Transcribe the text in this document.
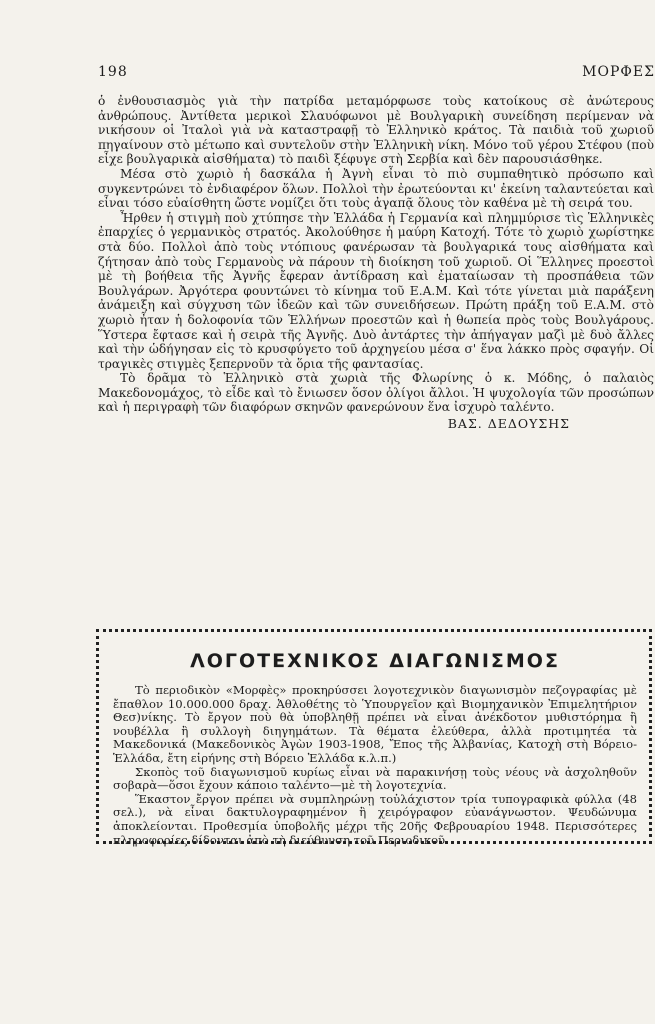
198	ΜΟΡΦΕΣ

ὁ ἐνθουσιασμὸς γιὰ τὴν πατρίδα μεταμόρφωσε τοὺς κατοίκους σὲ ἀνώτερους ἀνθρώπους. Ἀντίθετα μερικοὶ Σλαυόφωνοι μὲ Βουλγαρικὴ συνείδηση περίμεναν νὰ νικήσουν οἱ Ἰταλοὶ γιὰ νὰ καταστραφῇ τὸ Ἑλληνικὸ κράτος. Τὰ παιδιὰ τοῦ χωριοῦ πηγαίνουν στὸ μέτωπο καὶ συντελοῦν στὴν Ἑλληνικὴ νίκη. Μόνο τοῦ γέρου Στέφου (ποὺ εἶχε βουλγαρικὰ αἰσθήματα) τὸ παιδὶ ξέφυγε στὴ Σερβία καὶ δὲν παρουσιάσθηκε.

Μέσα στὸ χωριὸ ἡ δασκάλα ἡ Ἀγνὴ εἶναι τὸ πιὸ συμπαθητικὸ πρόσωπο καὶ συγκεντρώνει τὸ ἐνδιαφέρον ὅλων. Πολλοὶ τὴν ἐρωτεύονται κι' ἐκείνη ταλαντεύεται καὶ εἶναι τόσο εὐαίσθητη ὥστε νομίζει ὅτι τοὺς ἀγαπᾷ ὅλους τὸν καθένα μὲ τὴ σειρά του.

Ἦρθεν ἡ στιγμὴ ποὺ χτύπησε τὴν Ἑλλάδα ἡ Γερμανία καὶ πλημμύρισε τὶς Ἑλληνικὲς ἐπαρχίες ὁ γερμανικὸς στρατός. Ἀκολούθησε ἡ μαύρη Κατοχή. Τότε τὸ χωριὸ χωρίστηκε στὰ δύο. Πολλοὶ ἀπὸ τοὺς ντόπιους φανέρωσαν τὰ βουλγαρικά τους αἰσθήματα καὶ ζήτησαν ἀπὸ τοὺς Γερμανοὺς νὰ πάρουν τὴ διοίκηση τοῦ χωριοῦ. Οἱ Ἕλληνες προεστοὶ μὲ τὴ βοήθεια τῆς Ἀγνῆς ἔφεραν ἀντίδραση καὶ ἐματαίωσαν τὴ προσπάθεια τῶν Βουλγάρων. Ἀργότερα φουντώνει τὸ κίνημα τοῦ Ε.Α.Μ. Καὶ τότε γίνεται μιὰ παράξενη ἀνάμειξη καὶ σύγχυση τῶν ἰδεῶν καὶ τῶν συνειδήσεων. Πρώτη πράξη τοῦ Ε.Α.Μ. στὸ χωριὸ ἦταν ἡ δολοφονία τῶν Ἑλλήνων προεστῶν καὶ ἡ θωπεία πρὸς τοὺς Βουλγάρους. Ὕστερα ἔφτασε καὶ ἡ σειρὰ τῆς Ἀγνῆς. Δυὸ ἀντάρτες τὴν ἀπήγαγαν μαζὶ μὲ δυὸ ἄλλες καὶ τὴν ὡδήγησαν εἰς τὸ κρυσφύγετο τοῦ ἀρχηγείου μέσα σ' ἕνα λάκκο πρὸς σφαγήν. Οἱ τραγικὲς στιγμὲς ξεπερνοῦν τὰ ὅρια τῆς φαντασίας.

Τὸ δρᾶμα τὸ Ἑλληνικὸ στὰ χωριὰ τῆς Φλωρίνης ὁ κ. Μόδης, ὁ παλαιὸς Μακεδονομάχος, τὸ εἶδε καὶ τὸ ἔνιωσεν ὅσον ὀλίγοι ἄλλοι. Ἡ ψυχολογία τῶν προσώπων καὶ ἡ περιγραφὴ τῶν διαφόρων σκηνῶν φανερώνουν ἕνα ἰσχυρὸ ταλέντο.

ΒΑΣ. ΔΕΔΟΥΣΗΣ
ΛΟΓΟΤΕΧΝΙΚΟΣ ΔΙΑΓΩΝΙΣΜΟΣ

Τὸ περιοδικὸν «Μορφὲς» προκηρύσσει λογοτεχνικὸν διαγωνισμὸν πεζογραφίας μὲ ἔπαθλον 10.000.000 δραχ. Ἀθλοθέτης τὸ Ὑπουργεῖον καὶ Βιομηχανικὸν Ἐπιμελητήριον Θεσ)νίκης. Τὸ ἔργον ποὺ θὰ ὑποβληθῇ πρέπει νὰ εἶναι ἀνέκδοτον μυθιστόρημα ἢ νουβέλλα ἢ συλλογὴ διηγημάτων. Τὰ θέματα ἐλεύθερα, ἀλλὰ προτιμητέα τὰ Μακεδονικά (Μακεδονικὸς Ἀγὼν 1903-1908, Ἔπος τῆς Ἀλβανίας, Κατοχὴ στὴ Βόρειο-Ἑλλάδα, ἔτη εἰρήνης στὴ Βόρειο Ἑλλάδα κ.λ.π.)

Σκοπὸς τοῦ διαγωνισμοῦ κυρίως εἶναι νὰ παρακινήσῃ τοὺς νέους νὰ ἀσχοληθοῦν σοβαρὰ—ὅσοι ἔχουν κάποιο ταλέντο—μὲ τὴ λογοτεχνία.

Ἕκαστον ἔργον πρέπει νὰ συμπληρώνῃ τοὐλάχιστον τρία τυπογραφικὰ φύλλα (48 σελ.), νὰ εἶναι δακτυλογραφημένον ἢ χειρόγραφον εὐανάγνωστον. Ψευδώνυμα ἀποκλείονται. Προθεσμία ὑποβολῆς μέχρι τῆς 20ῆς Φεβρουαρίου 1948. Περισσότερες πληροφορίες δίδονται ἀπὸ τὴ διεύθυνση τοῦ Περιοδικοῦ.
